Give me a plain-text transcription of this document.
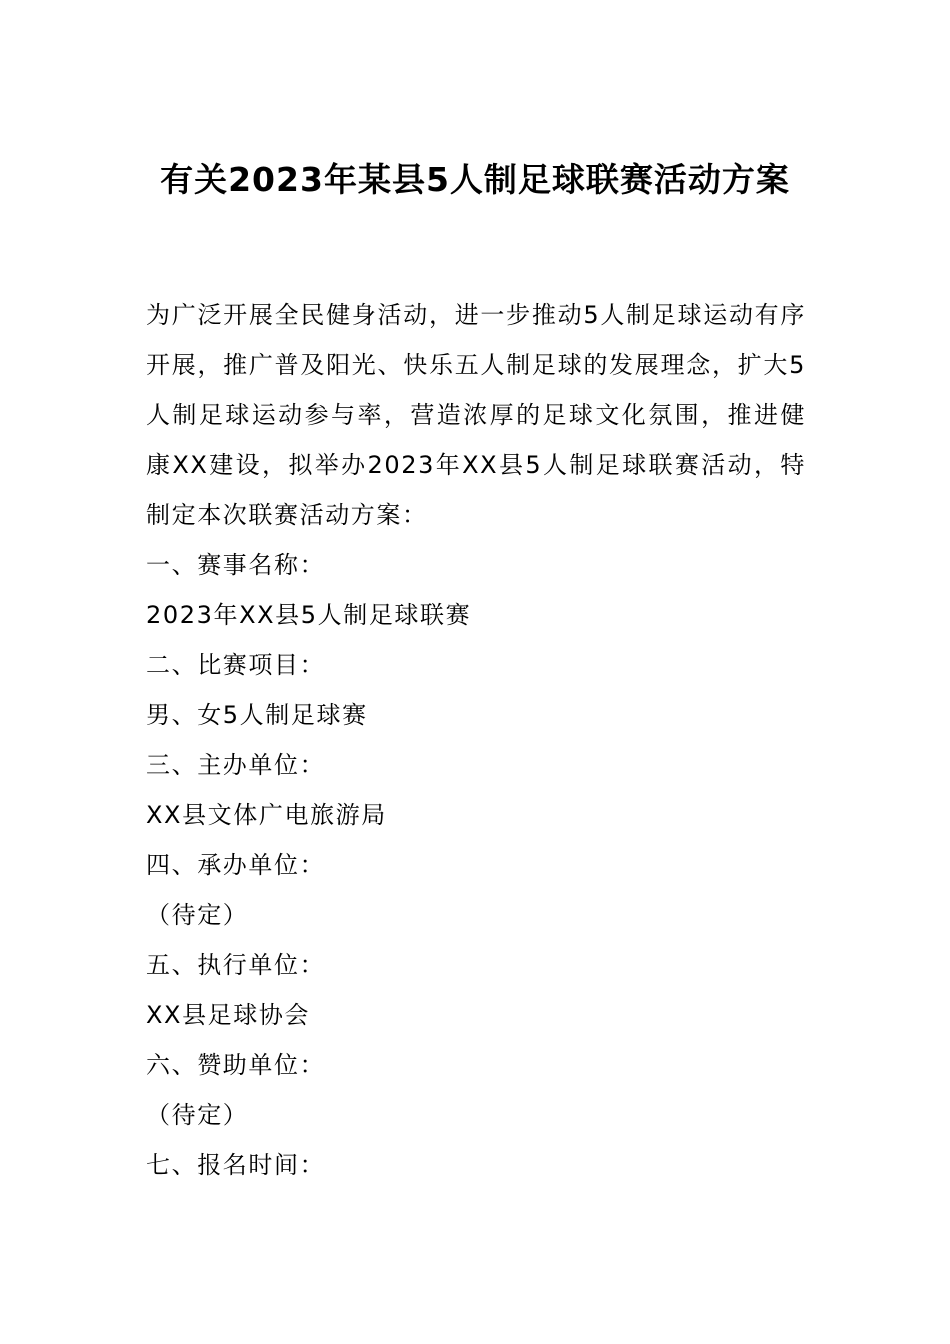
有关2023年某县5人制足球联赛活动方案

为广泛开展全民健身活动，进一步推动5人制足球运动有序开展，推广普及阳光、快乐五人制足球的发展理念，扩大5人制足球运动参与率，营造浓厚的足球文化氛围，推进健康XX建设，拟举办2023年XX县5人制足球联赛活动，特制定本次联赛活动方案：

一、赛事名称：

2023年XX县5人制足球联赛

二、比赛项目：

男、女5人制足球赛

三、主办单位：

XX县文体广电旅游局

四、承办单位：

（待定）

五、执行单位：

XX县足球协会

六、赞助单位：

（待定）

七、报名时间：
